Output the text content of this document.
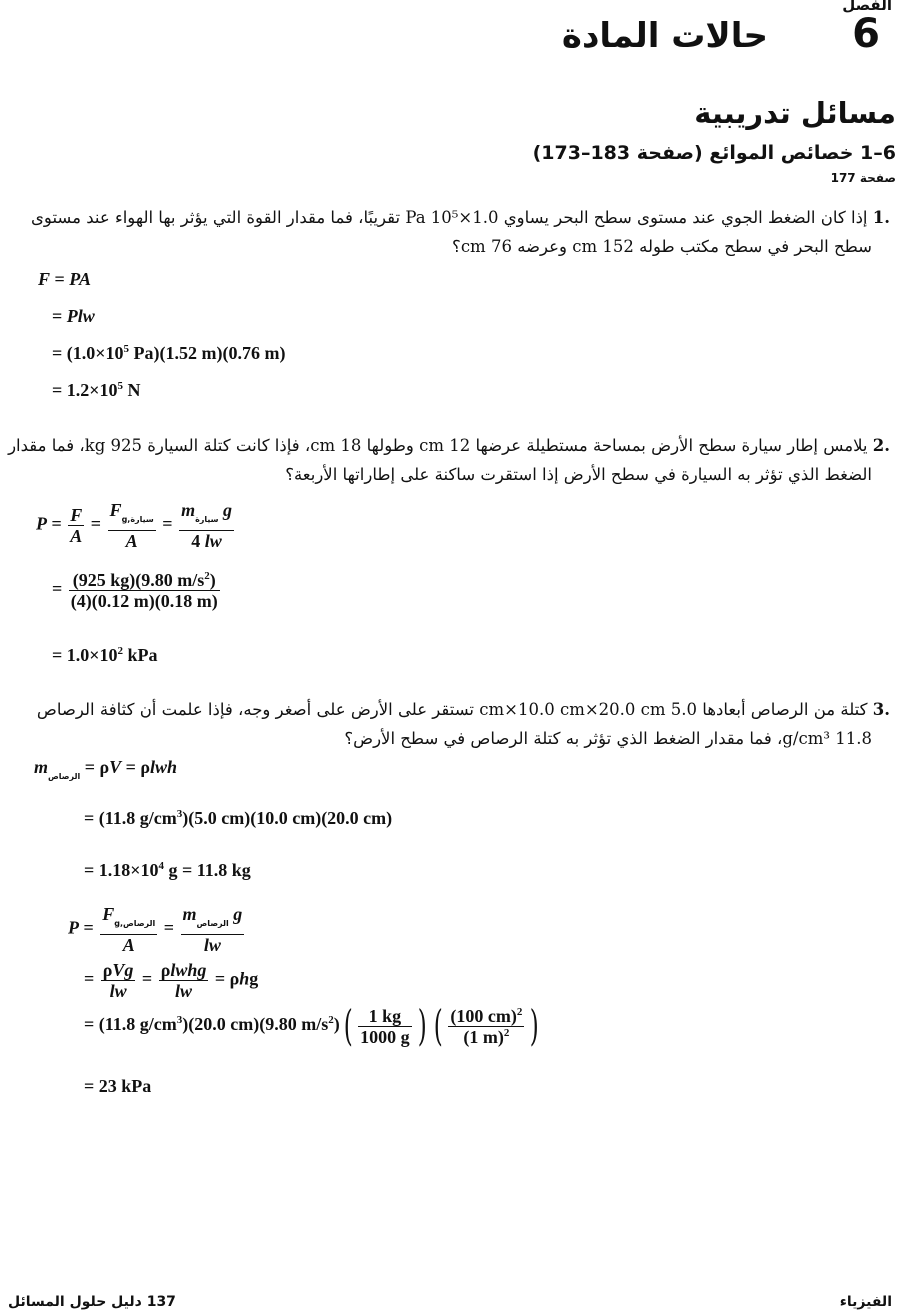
الفصل
6
حالات المادة
مسائل تدريبية
6–1 خصائص الموائع (صفحة 183–173)
صفحة 177
.1 إذا كان الضغط الجوي عند مستوى سطح البحر يساوي 1.0×10⁵ Pa تقريبًا، فما مقدار القوة التي يؤثر بها الهواء عند مستوى
سطح البحر في سطح مكتب طوله 152 cm وعرضه 76 cm؟
F = PA
= Plw
= ($1.0\times 10^5$ Pa)(1.52 m)(0.76 m)
= $1.2\times 10^5$ N
.2 يلامس إطار سيارة سطح الأرض بمساحة مستطيلة عرضها 12 cm وطولها 18 cm، فإذا كانت كتلة السيارة 925 kg، فما مقدار
الضغط الذي تؤثر به السيارة في سطح الأرض إذا استقرت ساكنة على إطاراتها الأربعة؟
$P = \frac{F}{A} = \frac{F_{g,سيارة}}{A} = \frac{m_{سيارة} g}{4 lw}$
= $\frac{(925 kg)(9.80 m/s^2)}{(4)(0.12 m)(0.18 m)}$
= $1.0\times 10^2$ kPa
.3 كتلة من الرصاص أبعادها 5.0 cm×10.0 cm×20.0 cm تستقر على الأرض على أصغر وجه، فإذا علمت أن كثافة الرصاص
11.8 g/cm³، فما مقدار الضغط الذي تؤثر به كتلة الرصاص في سطح الأرض؟
$m_{الرصاص} = \rho V = \rho lwh$
= (11.8 $g/cm^3)(5.0$ cm)(10.0 cm)(20.0 cm)
= $1.18\times 10^4$ g = 11.8 kg
$P = \frac{F_{g,الرصاص}}{A} = \frac{m_{الرصاص} g}{lw}$
= $\frac{\text{ρVg}}{lw} = \frac{\text{ρlwhg}}{lw} = \rho hg$
= (11.8 $g/cm^3)(20.0$ cm)(9.80 $m/s^2)( \frac{1 kg}{1000 g}$ ) ( $\frac{(100 cm)^2}{(1 m)^2}$ )
= 23 kPa
137 دليل حلول المسائل	الفيزياء
